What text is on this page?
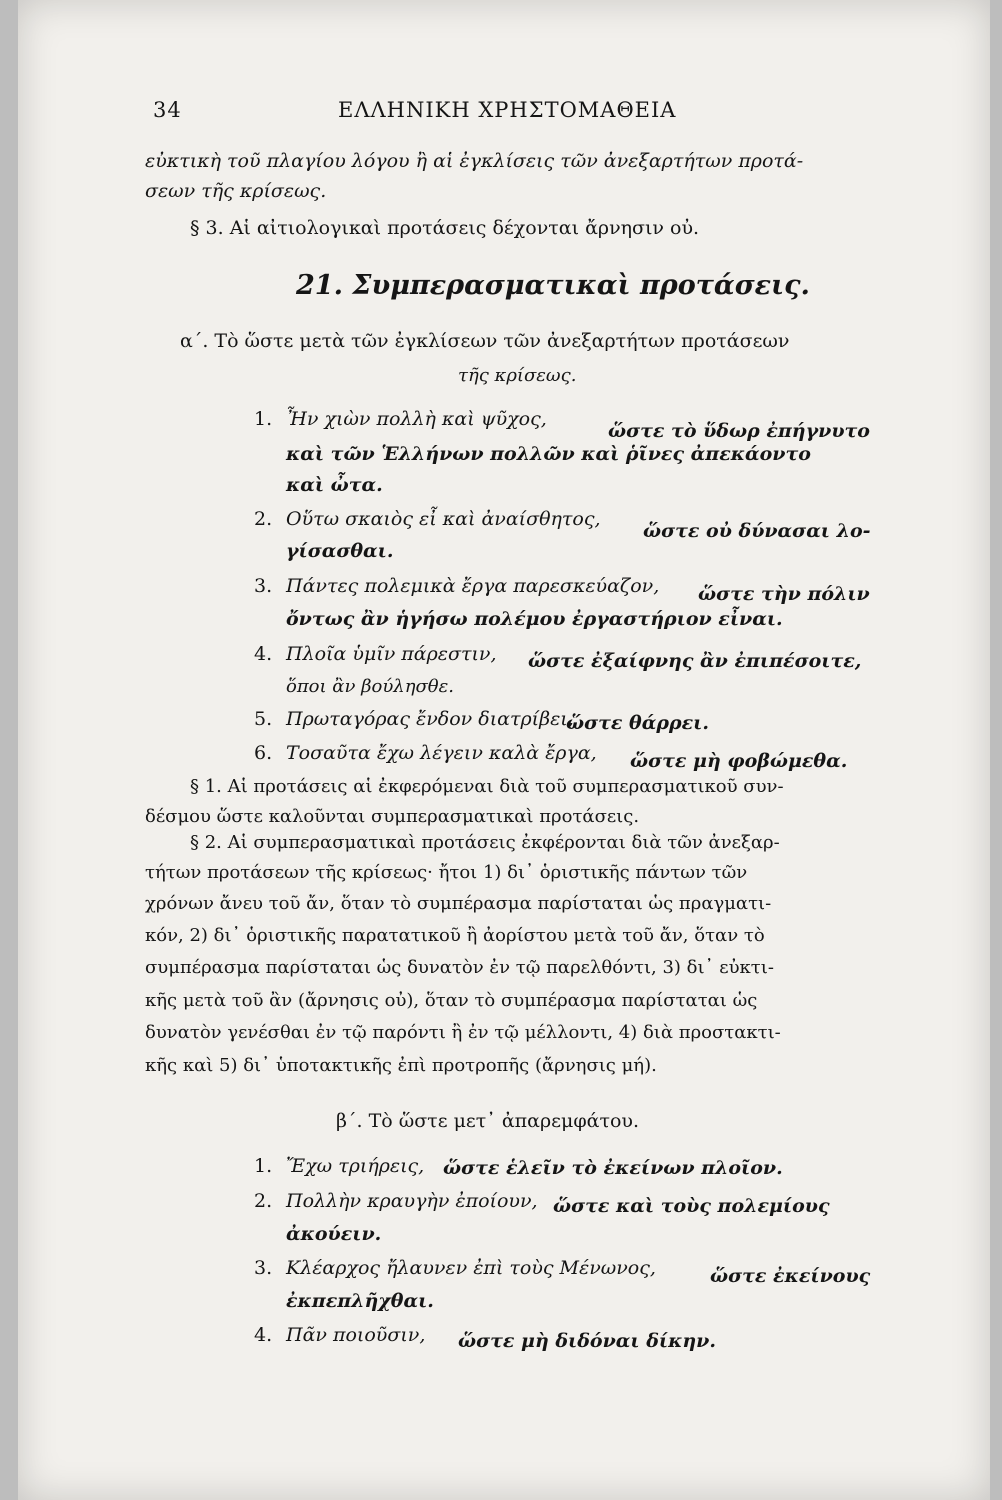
34	ΕΛΛΗΝΙΚΗ ΧΡΗΣΤΟΜΑΘΕΙΑ
εὐκτικὴ τοῦ πλαγίου λόγου ἢ αἱ ἐγκλίσεις τῶν ἀνεξαρτήτων προτά-
σεων τῆς κρίσεως.
§ 3. Αἱ αἰτιολογικαὶ προτάσεις δέχονται ἄρνησιν οὐ.
21. Συμπερασματικαὶ προτάσεις.
α΄. Τὸ ὥστε μετὰ τῶν ἐγκλίσεων τῶν ἀνεξαρτήτων προτάσεων
τῆς κρίσεως.
1. Ἦν χιὼν πολλὴ καὶ ψῦχος,
ὥστε τὸ ὕδωρ ἐπήγνυτο
καὶ τῶν Ἑλλήνων πολλῶν καὶ ῥῖνες ἀπεκάοντο
καὶ ὦτα.
2. Οὕτω σκαιὸς εἶ καὶ ἀναίσθητος,
ὥστε οὐ δύνασαι λο-
γίσασθαι.
3. Πάντες πολεμικὰ ἔργα παρεσκεύαζον, ὥστε τὴν πόλιν
ὄντως ἂν ἡγήσω πολέμου ἐργαστήριον εἶναι.
4. Πλοῖα ὑμῖν πάρεστιν, ὥστε ἐξαίφνης ἂν ἐπιπέσοιτε,
ὅποι ἂν βούλησθε.
5. Πρωταγόρας ἔνδον διατρίβει,
ὥστε θάρρει.
6. Τοσαῦτα ἔχω λέγειν καλὰ ἔργα, ὥστε μὴ φοβώμεθα.
§ 1. Αἱ προτάσεις αἱ ἐκφερόμεναι διὰ τοῦ συμπερασματικοῦ συν-
δέσμου ὥστε καλοῦνται συμπερασματικαὶ προτάσεις.
§ 2. Αἱ συμπερασματικαὶ προτάσεις ἐκφέρονται διὰ τῶν ἀνεξαρ-
τήτων προτάσεων τῆς κρίσεως· ἤτοι 1) δι᾿ ὁριστικῆς πάντων τῶν
χρόνων ἄνευ τοῦ ἄν, ὅταν τὸ συμπέρασμα παρίσταται ὡς πραγματι-
κόν, 2) δι᾿ ὁριστικῆς παρατατικοῦ ἢ ἀορίστου μετὰ τοῦ ἄν, ὅταν τὸ
συμπέρασμα παρίσταται ὡς δυνατὸν ἐν τῷ παρελθόντι, 3) δι᾿ εὐκτι-
κῆς μετὰ τοῦ ἂν (ἄρνησις οὐ), ὅταν τὸ συμπέρασμα παρίσταται ὡς
δυνατὸν γενέσθαι ἐν τῷ παρόντι ἢ ἐν τῷ μέλλοντι, 4) διὰ προστακτι-
κῆς καὶ 5) δι᾿ ὑποτακτικῆς ἐπὶ προτροπῆς (ἄρνησις μή).
β΄. Τὸ ὥστε μετ᾿ ἀπαρεμφάτου.
1. Ἔχω τριήρεις, ὥστε ἑλεῖν τὸ ἐκείνων πλοῖον.
2. Πολλὴν κραυγὴν ἐποίουν, ὥστε καὶ τοὺς πολεμίους
ἀκούειν.
3. Κλέαρχος ἤλαυνεν ἐπὶ τοὺς Μένωνος,	ὥστε ἐκείνους
ἐκπεπλῆχθαι.
4. Πᾶν ποιοῦσιν, ὥστε μὴ διδόναι δίκην.
